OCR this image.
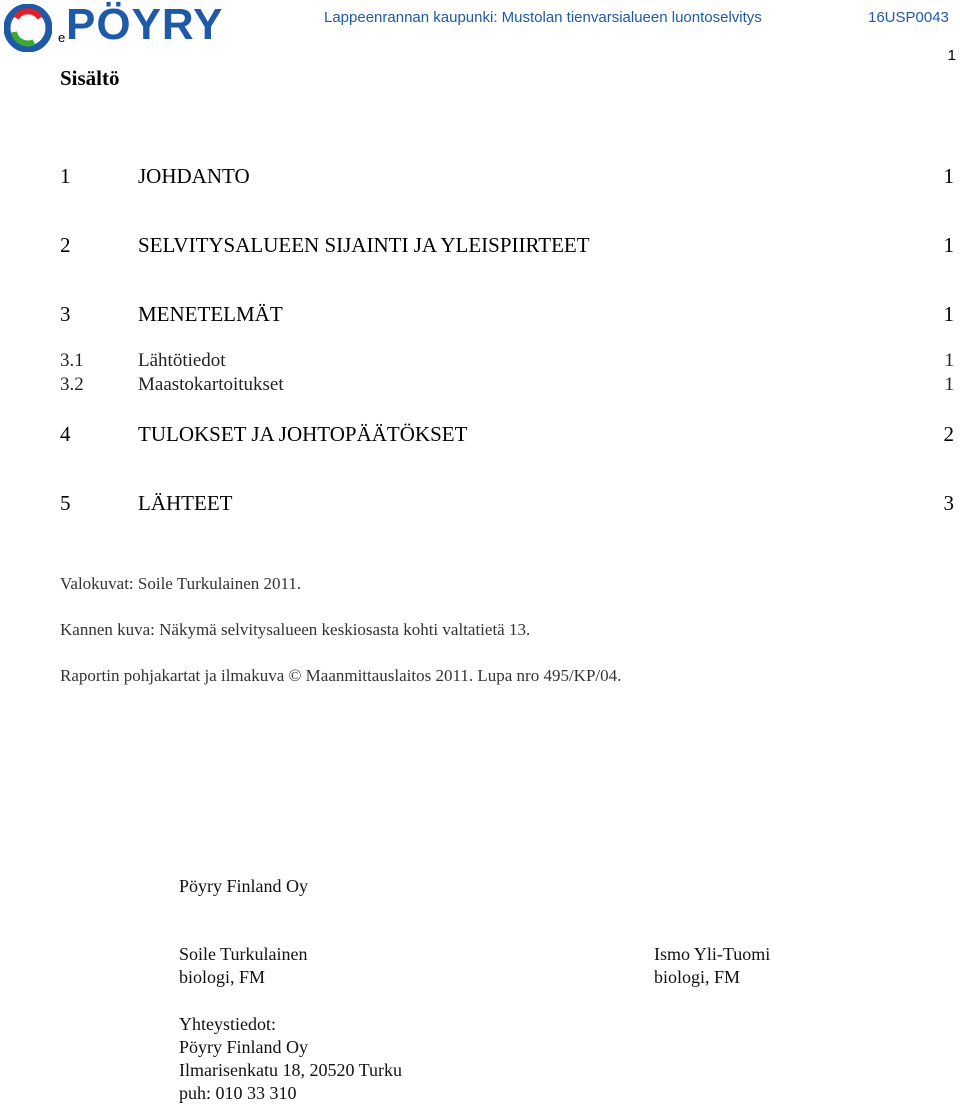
PÖYRY
e
Lappeenrannan kaupunki: Mustolan tienvarsialueen luontoselvitys	16USP0043
1
Sisältö
1	JOHDANTO	1
2	SELVITYSALUEEN SIJAINTI JA YLEISPIIRTEET	1
3	MENETELMÄT	1
3.1	Lähtötiedot	1
3.2	Maastokartoitukset	1
4	TULOKSET JA JOHTOPÄÄTÖKSET	2
5	LÄHTEET	3
Valokuvat: Soile Turkulainen 2011.
Kannen kuva: Näkymä selvitysalueen keskiosasta kohti valtatietä 13.
Raportin pohjakartat ja ilmakuva © Maanmittauslaitos 2011. Lupa nro 495/KP/04.
Pöyry Finland Oy
Soile Turkulainen
biologi, FM
Ismo Yli-Tuomi
biologi, FM
Yhteystiedot:
Pöyry Finland Oy
Ilmarisenkatu 18, 20520 Turku
puh: 010 33 310
